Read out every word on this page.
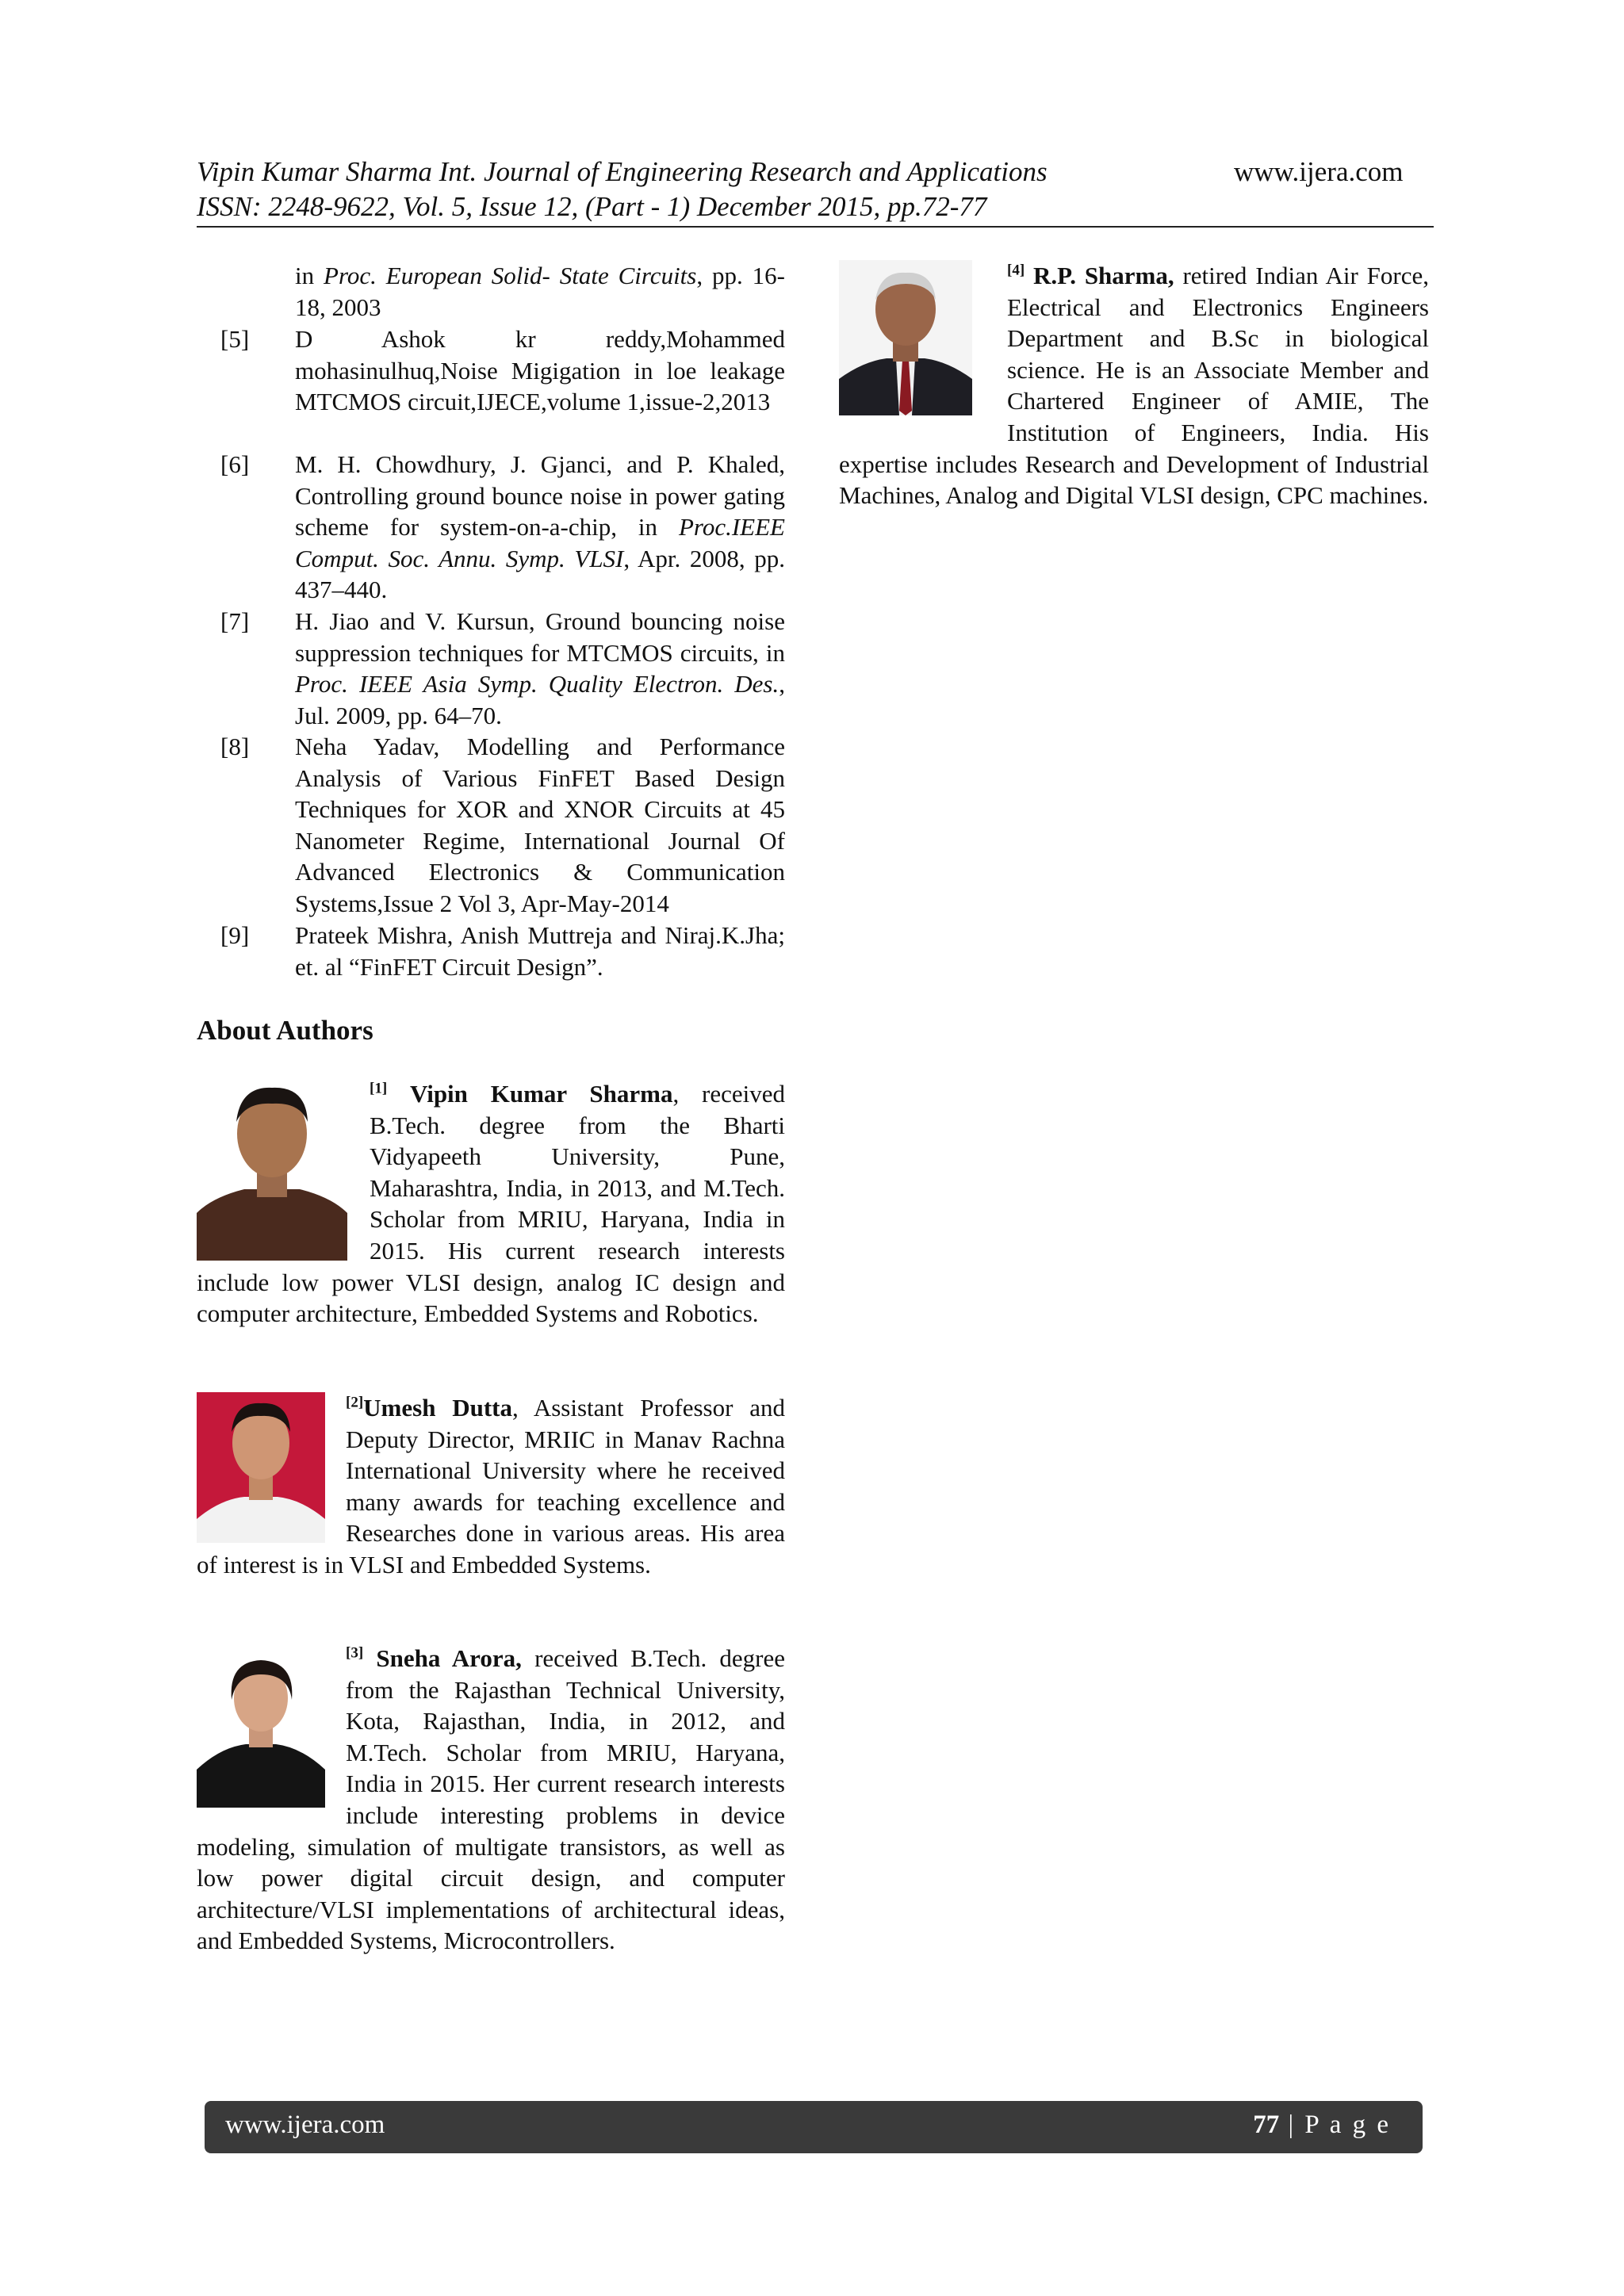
Vipin Kumar Sharma Int. Journal of Engineering Research and Applications	www.ijera.com
ISSN: 2248-9622, Vol. 5, Issue 12, (Part - 1) December 2015, pp.72-77
in Proc. European Solid- State Circuits, pp. 16-18, 2003
[5]	D Ashok kr reddy,Mohammed mohasinulhuq,Noise Migigation in loe leakage MTCMOS circuit,IJECE,volume 1,issue-2,2013
[6]	M. H. Chowdhury, J. Gjanci, and P. Khaled, Controlling ground bounce noise in power gating scheme for system-on-a-chip, in Proc.IEEE Comput. Soc. Annu. Symp. VLSI, Apr. 2008, pp. 437–440.
[7]	H. Jiao and V. Kursun, Ground bouncing noise suppression techniques for MTCMOS circuits, in Proc. IEEE Asia Symp. Quality Electron. Des., Jul. 2009, pp. 64–70.
[8]	Neha Yadav, Modelling and Performance Analysis of Various FinFET Based Design Techniques for XOR and XNOR Circuits at 45 Nanometer Regime, International Journal Of Advanced Electronics & Communication Systems,Issue 2 Vol 3, Apr-May-2014
[9]	Prateek Mishra, Anish Muttreja and Niraj.K.Jha; et. al “FinFET Circuit Design”.
About Authors

[1] Vipin Kumar Sharma, received B.Tech. degree from the Bharti Vidyapeeth University, Pune, Maharashtra, India, in 2013, and M.Tech. Scholar from MRIU, Haryana, India in 2015. His current research interests include low power VLSI design, analog IC design and computer architecture, Embedded Systems and Robotics.

[2]Umesh Dutta, Assistant Professor and Deputy Director, MRIIC in Manav Rachna International University where he received many awards for teaching excellence and Researches done in various areas. His area of interest is in VLSI and Embedded Systems.

[3] Sneha Arora, received B.Tech. degree from the Rajasthan Technical University, Kota, Rajasthan, India, in 2012, and M.Tech. Scholar from MRIU, Haryana, India in 2015. Her current research interests include interesting problems in device modeling, simulation of multigate transistors, as well as low power digital circuit design, and computer architecture/VLSI implementations of architectural ideas, and Embedded Systems, Microcontrollers.

[4] R.P. Sharma, retired Indian Air Force, Electrical and Electronics Engineers Department and B.Sc in biological science. He is an Associate Member and Chartered Engineer of AMIE, The Institution of Engineers, India. His expertise includes Research and Development of Industrial Machines, Analog and Digital VLSI design, CPC machines.

www.ijera.com	77 | P a g e
